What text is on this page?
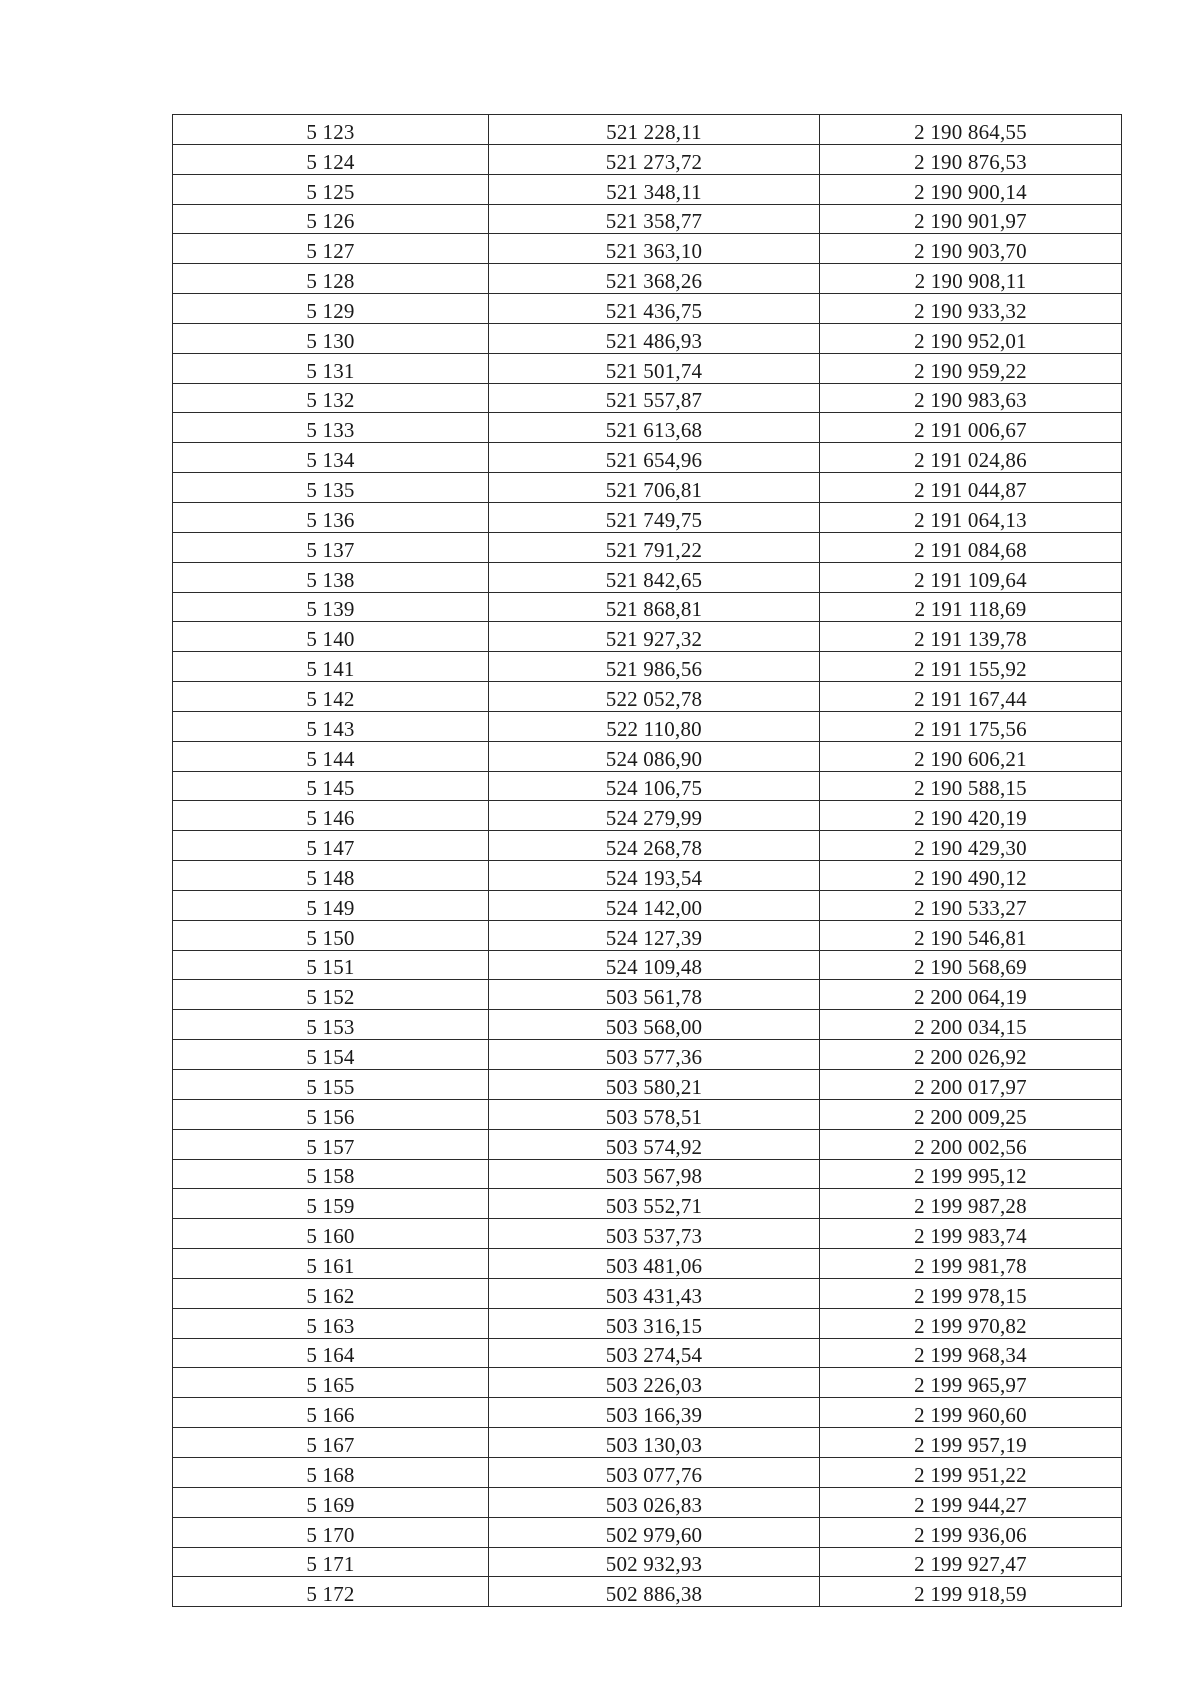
5 123	521 228,11	2 190 864,55
5 124	521 273,72	2 190 876,53
5 125	521 348,11	2 190 900,14
5 126	521 358,77	2 190 901,97
5 127	521 363,10	2 190 903,70
5 128	521 368,26	2 190 908,11
5 129	521 436,75	2 190 933,32
5 130	521 486,93	2 190 952,01
5 131	521 501,74	2 190 959,22
5 132	521 557,87	2 190 983,63
5 133	521 613,68	2 191 006,67
5 134	521 654,96	2 191 024,86
5 135	521 706,81	2 191 044,87
5 136	521 749,75	2 191 064,13
5 137	521 791,22	2 191 084,68
5 138	521 842,65	2 191 109,64
5 139	521 868,81	2 191 118,69
5 140	521 927,32	2 191 139,78
5 141	521 986,56	2 191 155,92
5 142	522 052,78	2 191 167,44
5 143	522 110,80	2 191 175,56
5 144	524 086,90	2 190 606,21
5 145	524 106,75	2 190 588,15
5 146	524 279,99	2 190 420,19
5 147	524 268,78	2 190 429,30
5 148	524 193,54	2 190 490,12
5 149	524 142,00	2 190 533,27
5 150	524 127,39	2 190 546,81
5 151	524 109,48	2 190 568,69
5 152	503 561,78	2 200 064,19
5 153	503 568,00	2 200 034,15
5 154	503 577,36	2 200 026,92
5 155	503 580,21	2 200 017,97
5 156	503 578,51	2 200 009,25
5 157	503 574,92	2 200 002,56
5 158	503 567,98	2 199 995,12
5 159	503 552,71	2 199 987,28
5 160	503 537,73	2 199 983,74
5 161	503 481,06	2 199 981,78
5 162	503 431,43	2 199 978,15
5 163	503 316,15	2 199 970,82
5 164	503 274,54	2 199 968,34
5 165	503 226,03	2 199 965,97
5 166	503 166,39	2 199 960,60
5 167	503 130,03	2 199 957,19
5 168	503 077,76	2 199 951,22
5 169	503 026,83	2 199 944,27
5 170	502 979,60	2 199 936,06
5 171	502 932,93	2 199 927,47
5 172	502 886,38	2 199 918,59
